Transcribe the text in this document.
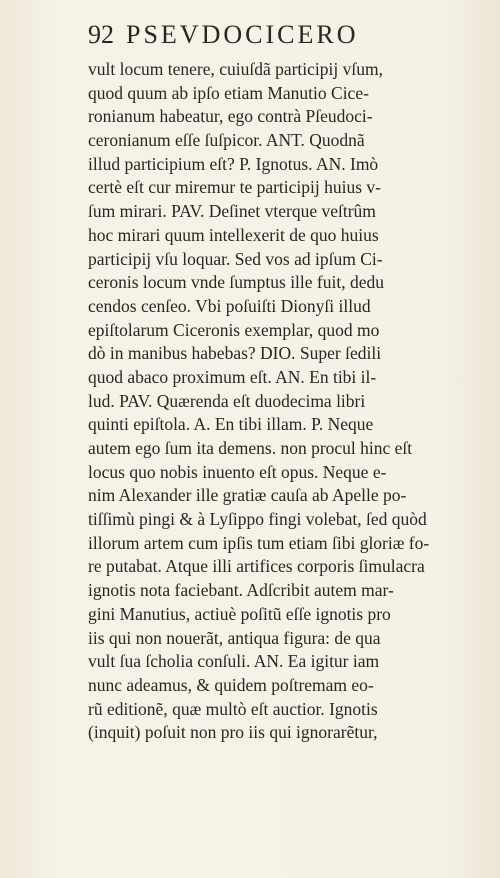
92 PSEVDOCICERO
vult locum tenere, cuiuſdã participij vſum,
quod quum ab ipſo etiam Manutio Cice-
ronianum habeatur, ego contrà Pſeudoci-
ceronianum eſſe ſuſpicor. ANT. Quodnã
illud participium eſt? P. Ignotus. AN. Imò
certè eſt cur miremur te participij huius v-
ſum mirari. PAV. Deſinet vterque veſtrûm
hoc mirari quum intellexerit de quo huius
participij vſu loquar. Sed vos ad ipſum Ci-
ceronis locum vnde ſumptus ille fuit, dedu
cendos cenſeo. Vbi poſuiſti Dionyſi illud
epiſtolarum Ciceronis exemplar, quod mo
dò in manibus habebas? DIO. Super ſedili
quod abaco proximum eſt. AN. En tibi il-
lud. PAV. Quærenda eſt duodecima libri
quinti epiſtola. A. En tibi illam. P. Neque
autem ego ſum ita demens. non procul hinc eſt
locus quo nobis inuento eſt opus. Neque e-
nim Alexander ille gratiæ cauſa ab Apelle po-
tiſſimù pingi & à Lyſippo fingi volebat, ſed quòd
illorum artem cum ipſis tum etiam ſibi gloriæ fo-
re putabat. Atque illi artifices corporis ſimulacra
ignotis nota faciebant. Adſcribit autem mar-
gini Manutius, actiuè poſitũ eſſe ignotis pro
iis qui non nouerãt, antiqua figura: de qua
vult ſua ſcholia conſuli. AN. Ea igitur iam
nunc adeamus, & quidem poſtremam eo-
rũ editionẽ, quæ multò eſt auctior. Ignotis
(inquit) poſuit non pro iis qui ignorarẽtur,
